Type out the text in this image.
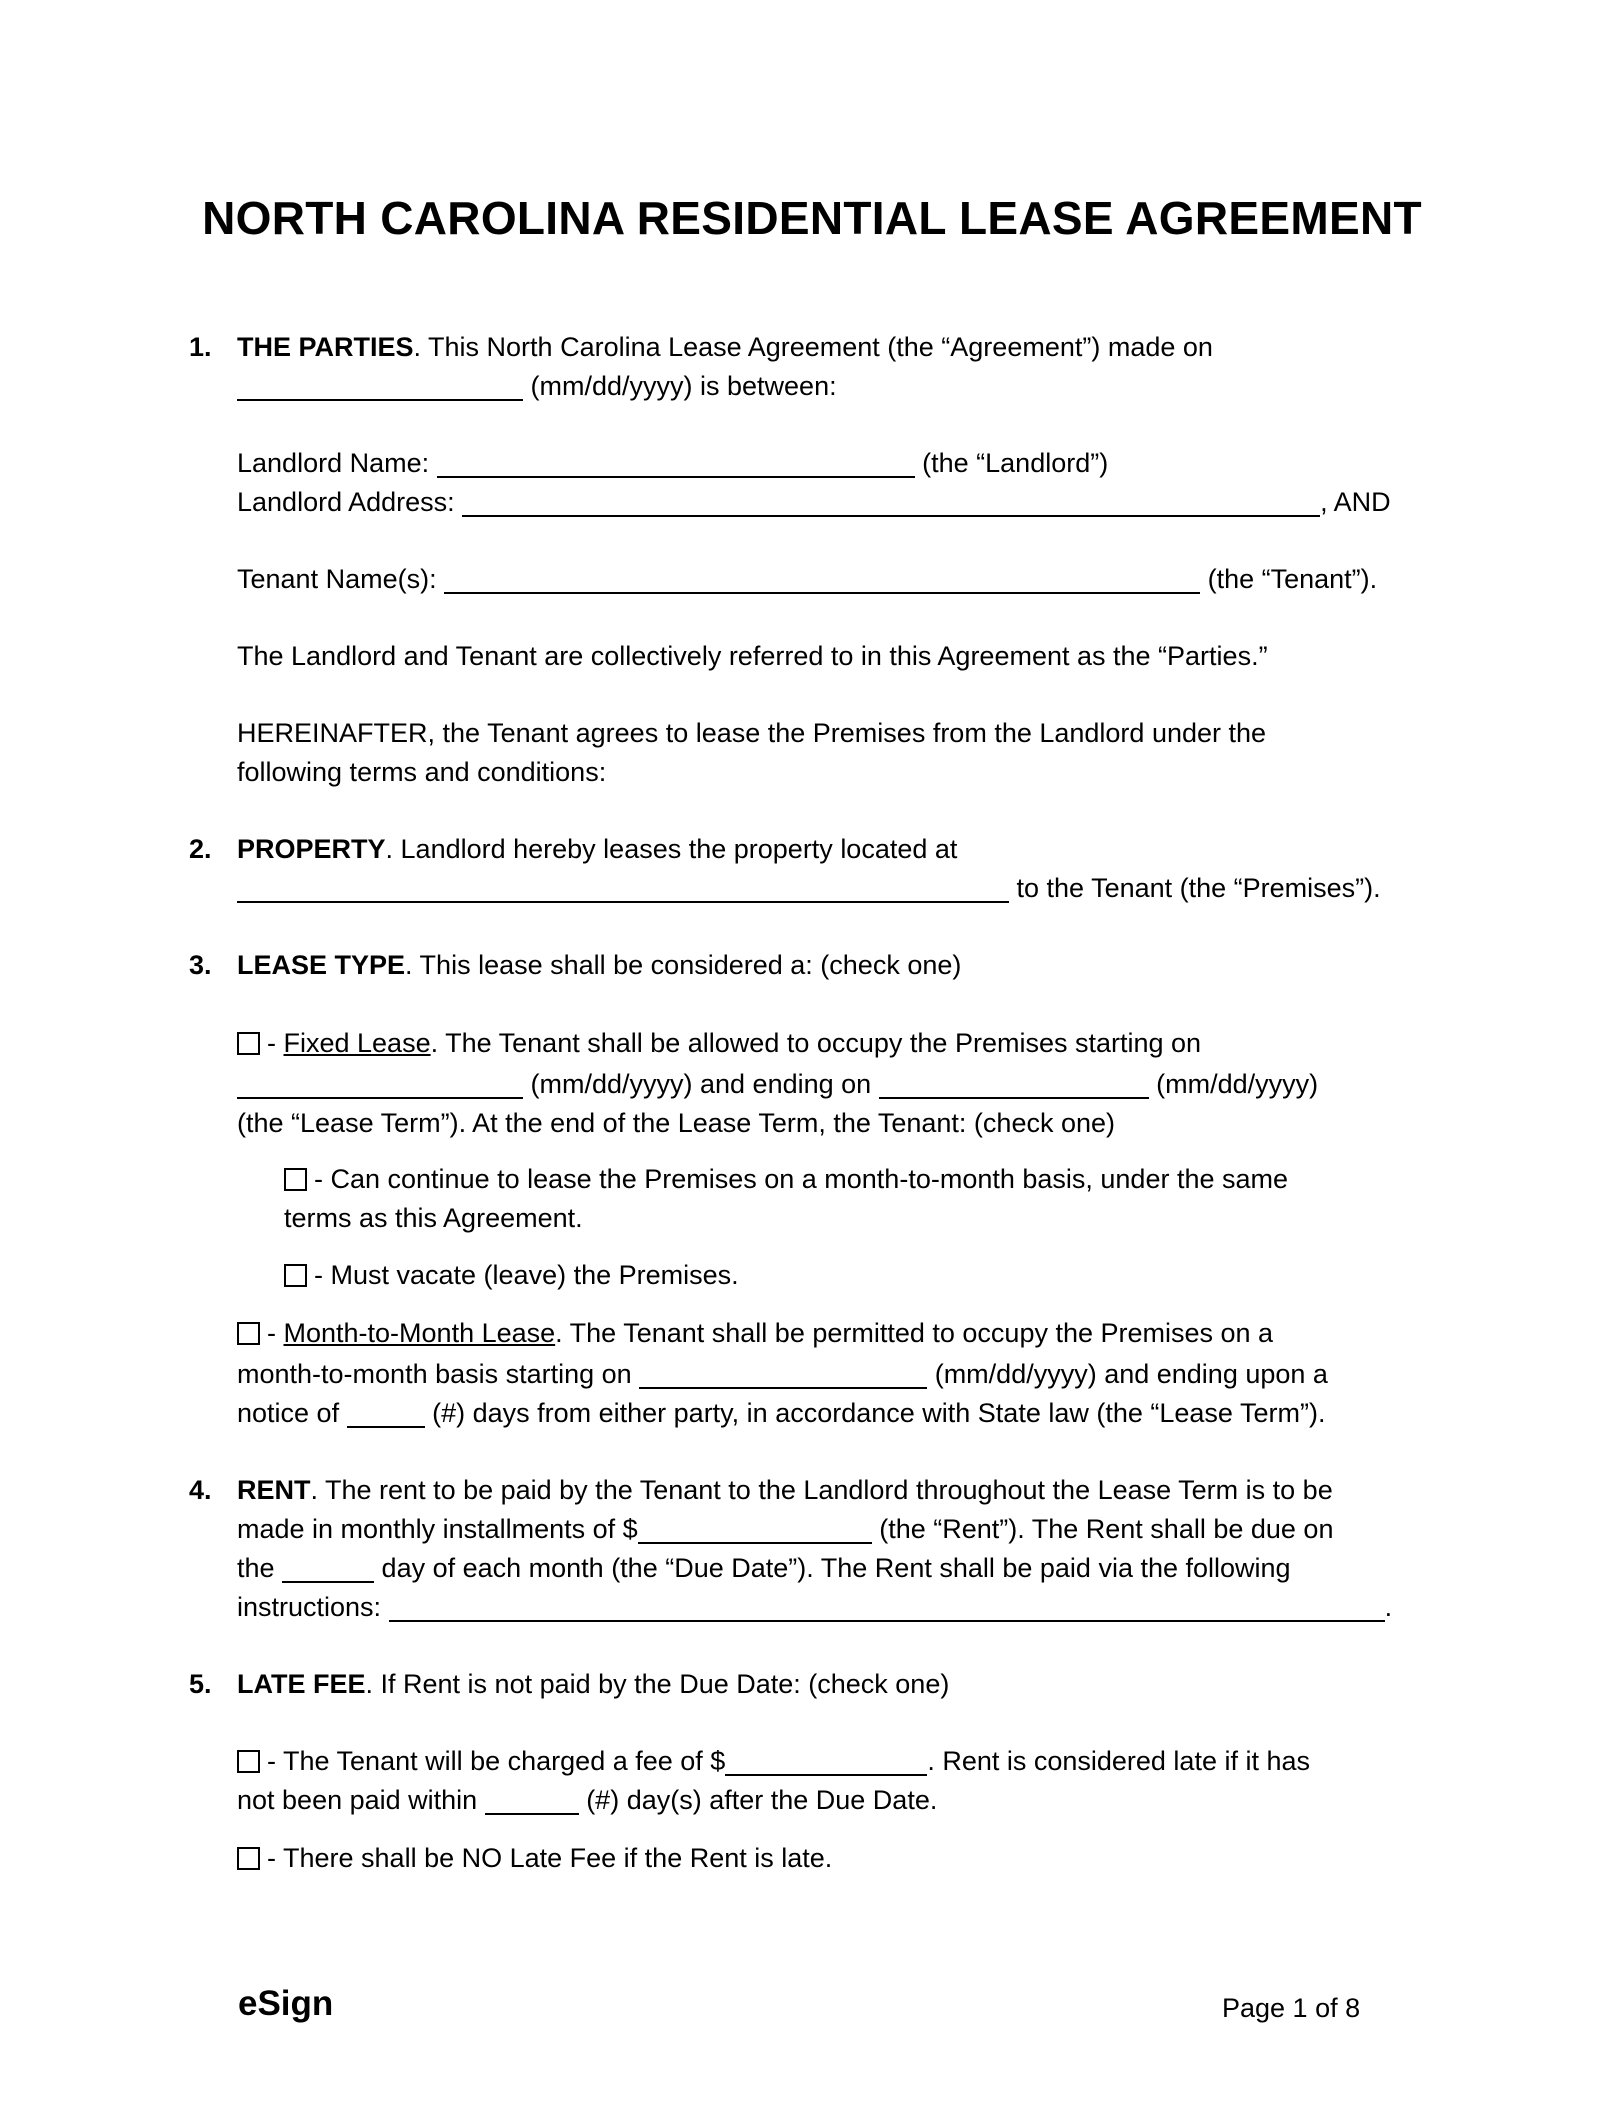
NORTH CAROLINA RESIDENTIAL LEASE AGREEMENT
1. THE PARTIES. This North Carolina Lease Agreement (the “Agreement”) made on
(mm/dd/yyyy) is between:
Landlord Name:	(the “Landlord”)
Landlord Address:	, AND
Tenant Name(s):	(the “Tenant”).
The Landlord and Tenant are collectively referred to in this Agreement as the “Parties.”
HEREINAFTER, the Tenant agrees to lease the Premises from the Landlord under the
following terms and conditions:
2. PROPERTY. Landlord hereby leases the property located at
to the Tenant (the “Premises”).
3. LEASE TYPE. This lease shall be considered a: (check one)
- Fixed Lease. The Tenant shall be allowed to occupy the Premises starting on
(mm/dd/yyyy) and ending on	(mm/dd/yyyy)
(the “Lease Term”). At the end of the Lease Term, the Tenant: (check one)
- Can continue to lease the Premises on a month-to-month basis, under the same
terms as this Agreement.
- Must vacate (leave) the Premises.
- Month-to-Month Lease. The Tenant shall be permitted to occupy the Premises on a
month-to-month basis starting on	(mm/dd/yyyy) and ending upon a
notice of	(#) days from either party, in accordance with State law (the “Lease Term”).
4. RENT. The rent to be paid by the Tenant to the Landlord throughout the Lease Term is to be
made in monthly installments of $	(the “Rent”). The Rent shall be due on
the	day of each month (the “Due Date”). The Rent shall be paid via the following
instructions:	.
5. LATE FEE. If Rent is not paid by the Due Date: (check one)
- The Tenant will be charged a fee of $	. Rent is considered late if it has
not been paid within	(#) day(s) after the Due Date.
- There shall be NO Late Fee if the Rent is late.
eSign	Page 1 of 8
